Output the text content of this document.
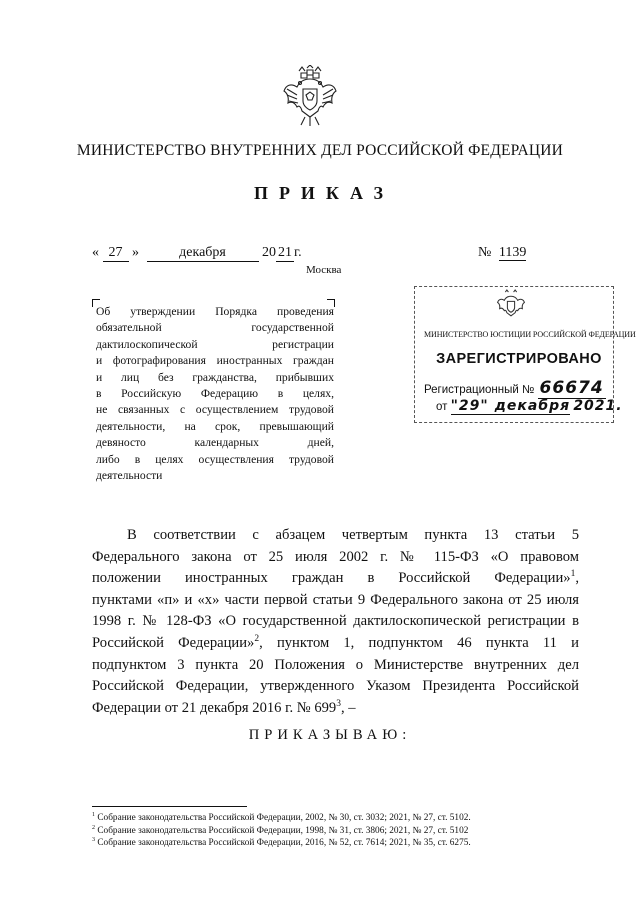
МИНИСТЕРСТВО ВНУТРЕННИХ ДЕЛ РОССИЙСКОЙ ФЕДЕРАЦИИ
ПРИКАЗ
« 27 »	декабря	20 21 г.	№ 1139
Москва
Об утверждении Порядка проведения
обязательной государственной
дактилоскопической регистрации
и фотографирования иностранных граждан
и лиц без гражданства, прибывших
в Российскую Федерацию в целях,
не связанных с осуществлением трудовой
деятельности, на срок, превышающий
девяносто календарных дней,
либо в целях осуществления трудовой
деятельности
МИНИСТЕРСТВО ЮСТИЦИИ РОССИЙСКОЙ ФЕДЕРАЦИИ
ЗАРЕГИСТРИРОВАНО
Регистрационный № 66674
от "29" декабря 2021.
В соответствии с абзацем четвертым пункта 13 статьи 5
Федерального закона от 25 июля 2002 г. № 115-ФЗ «О правовом
положении иностранных граждан в Российской Федерации»$^1$,
пунктами «п» и «х» части первой статьи 9 Федерального закона от 25 июля
1998 г. № 128-ФЗ «О государственной дактилоскопической регистрации в
Российской Федерации»$^2$, пунктом 1, подпунктом 46 пункта 11 и
подпунктом 3 пункта 20 Положения о Министерстве внутренних дел
Российской Федерации, утвержденного Указом Президента Российской
Федерации от 21 декабря 2016 г. № $699^3$, –
ПРИКАЗЫВАЮ:
$^1$ Собрание законодательства Российской Федерации, 2002, № 30, ст. 3032; 2021, № 27, ст. 5102.
$^2$ Собрание законодательства Российской Федерации, 1998, № 31, ст. 3806; 2021, № 27, ст. 5102
$^3$ Собрание законодательства Российской Федерации, 2016, № 52, ст. 7614; 2021, № 35, ст. 6275.
